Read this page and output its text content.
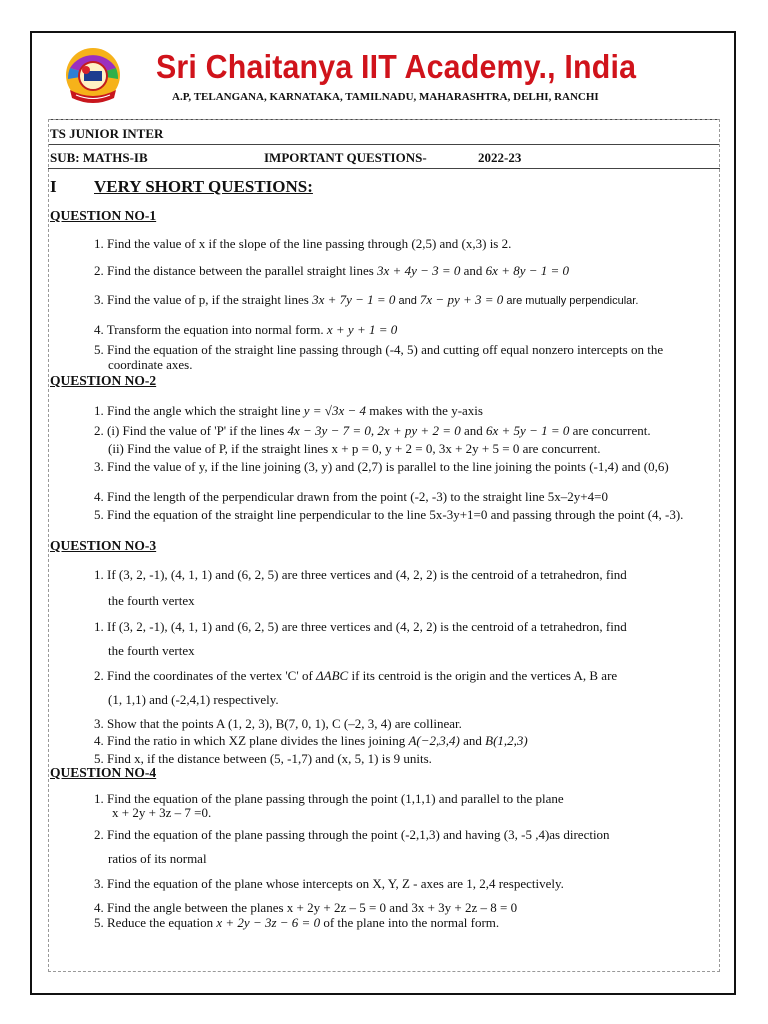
Sri Chaitanya IIT Academy., India
A.P, TELANGANA, KARNATAKA, TAMILNADU, MAHARASHTRA, DELHI, RANCHI
TS JUNIOR INTER
SUB: MATHS-IB	IMPORTANT QUESTIONS-	2022-23
I VERY SHORT QUESTIONS:
QUESTION NO-1
1. Find the value of x if the slope of the line passing through (2,5) and (x,3) is 2.
2. Find the distance between the parallel straight lines 3x + 4y − 3 = 0 and 6x + 8y − 1 = 0
3. Find the value of p, if the straight lines 3x + 7y − 1 = 0 and 7x − py + 3 = 0 are mutually perpendicular.
4. Transform the equation into normal form. x + y + 1 = 0
5. Find the equation of the straight line passing through (-4, 5) and cutting off equal nonzero intercepts on the coordinate axes.
QUESTION NO-2
1. Find the angle which the straight line y = √3x − 4 makes with the y-axis
2. (i) Find the value of 'P' if the lines 4x − 3y − 7 = 0, 2x + py + 2 = 0 and 6x + 5y − 1 = 0 are concurrent.
(ii) Find the value of P, if the straight lines x + p = 0, y + 2 = 0, 3x + 2y + 5 = 0 are concurrent.
3. Find the value of y, if the line joining (3, y) and (2,7) is parallel to the line joining the points (-1,4) and (0,6)
4. Find the length of the perpendicular drawn from the point (-2, -3) to the straight line 5x–2y+4=0
5. Find the equation of the straight line perpendicular to the line 5x-3y+1=0 and passing through the point (4, -3).
QUESTION NO-3
1. If (3, 2, -1), (4, 1, 1) and (6, 2, 5) are three vertices and (4, 2, 2) is the centroid of a tetrahedron, find
the fourth vertex
1. If (3, 2, -1), (4, 1, 1) and (6, 2, 5) are three vertices and (4, 2, 2) is the centroid of a tetrahedron, find
the fourth vertex
2. Find the coordinates of the vertex 'C' of ΔABC if its centroid is the origin and the vertices A, B are
(1, 1,1) and (-2,4,1) respectively.
3. Show that the points A (1, 2, 3), B(7, 0, 1), C (–2, 3, 4) are collinear.
4. Find the ratio in which XZ plane divides the lines joining A(−2,3,4) and B(1,2,3)
5. Find x, if the distance between (5, -1,7) and (x, 5, 1) is 9 units.
QUESTION NO-4
1. Find the equation of the plane passing through the point (1,1,1) and parallel to the plane
x + 2y + 3z – 7 =0.
2. Find the equation of the plane passing through the point (-2,1,3) and having (3, -5 ,4)as direction
ratios of its normal
3. Find the equation of the plane whose intercepts on X, Y, Z - axes are 1, 2,4 respectively.
4. Find the angle between the planes x + 2y + 2z – 5 = 0 and 3x + 3y + 2z – 8 = 0
5. Reduce the equation x + 2y − 3z − 6 = 0 of the plane into the normal form.
